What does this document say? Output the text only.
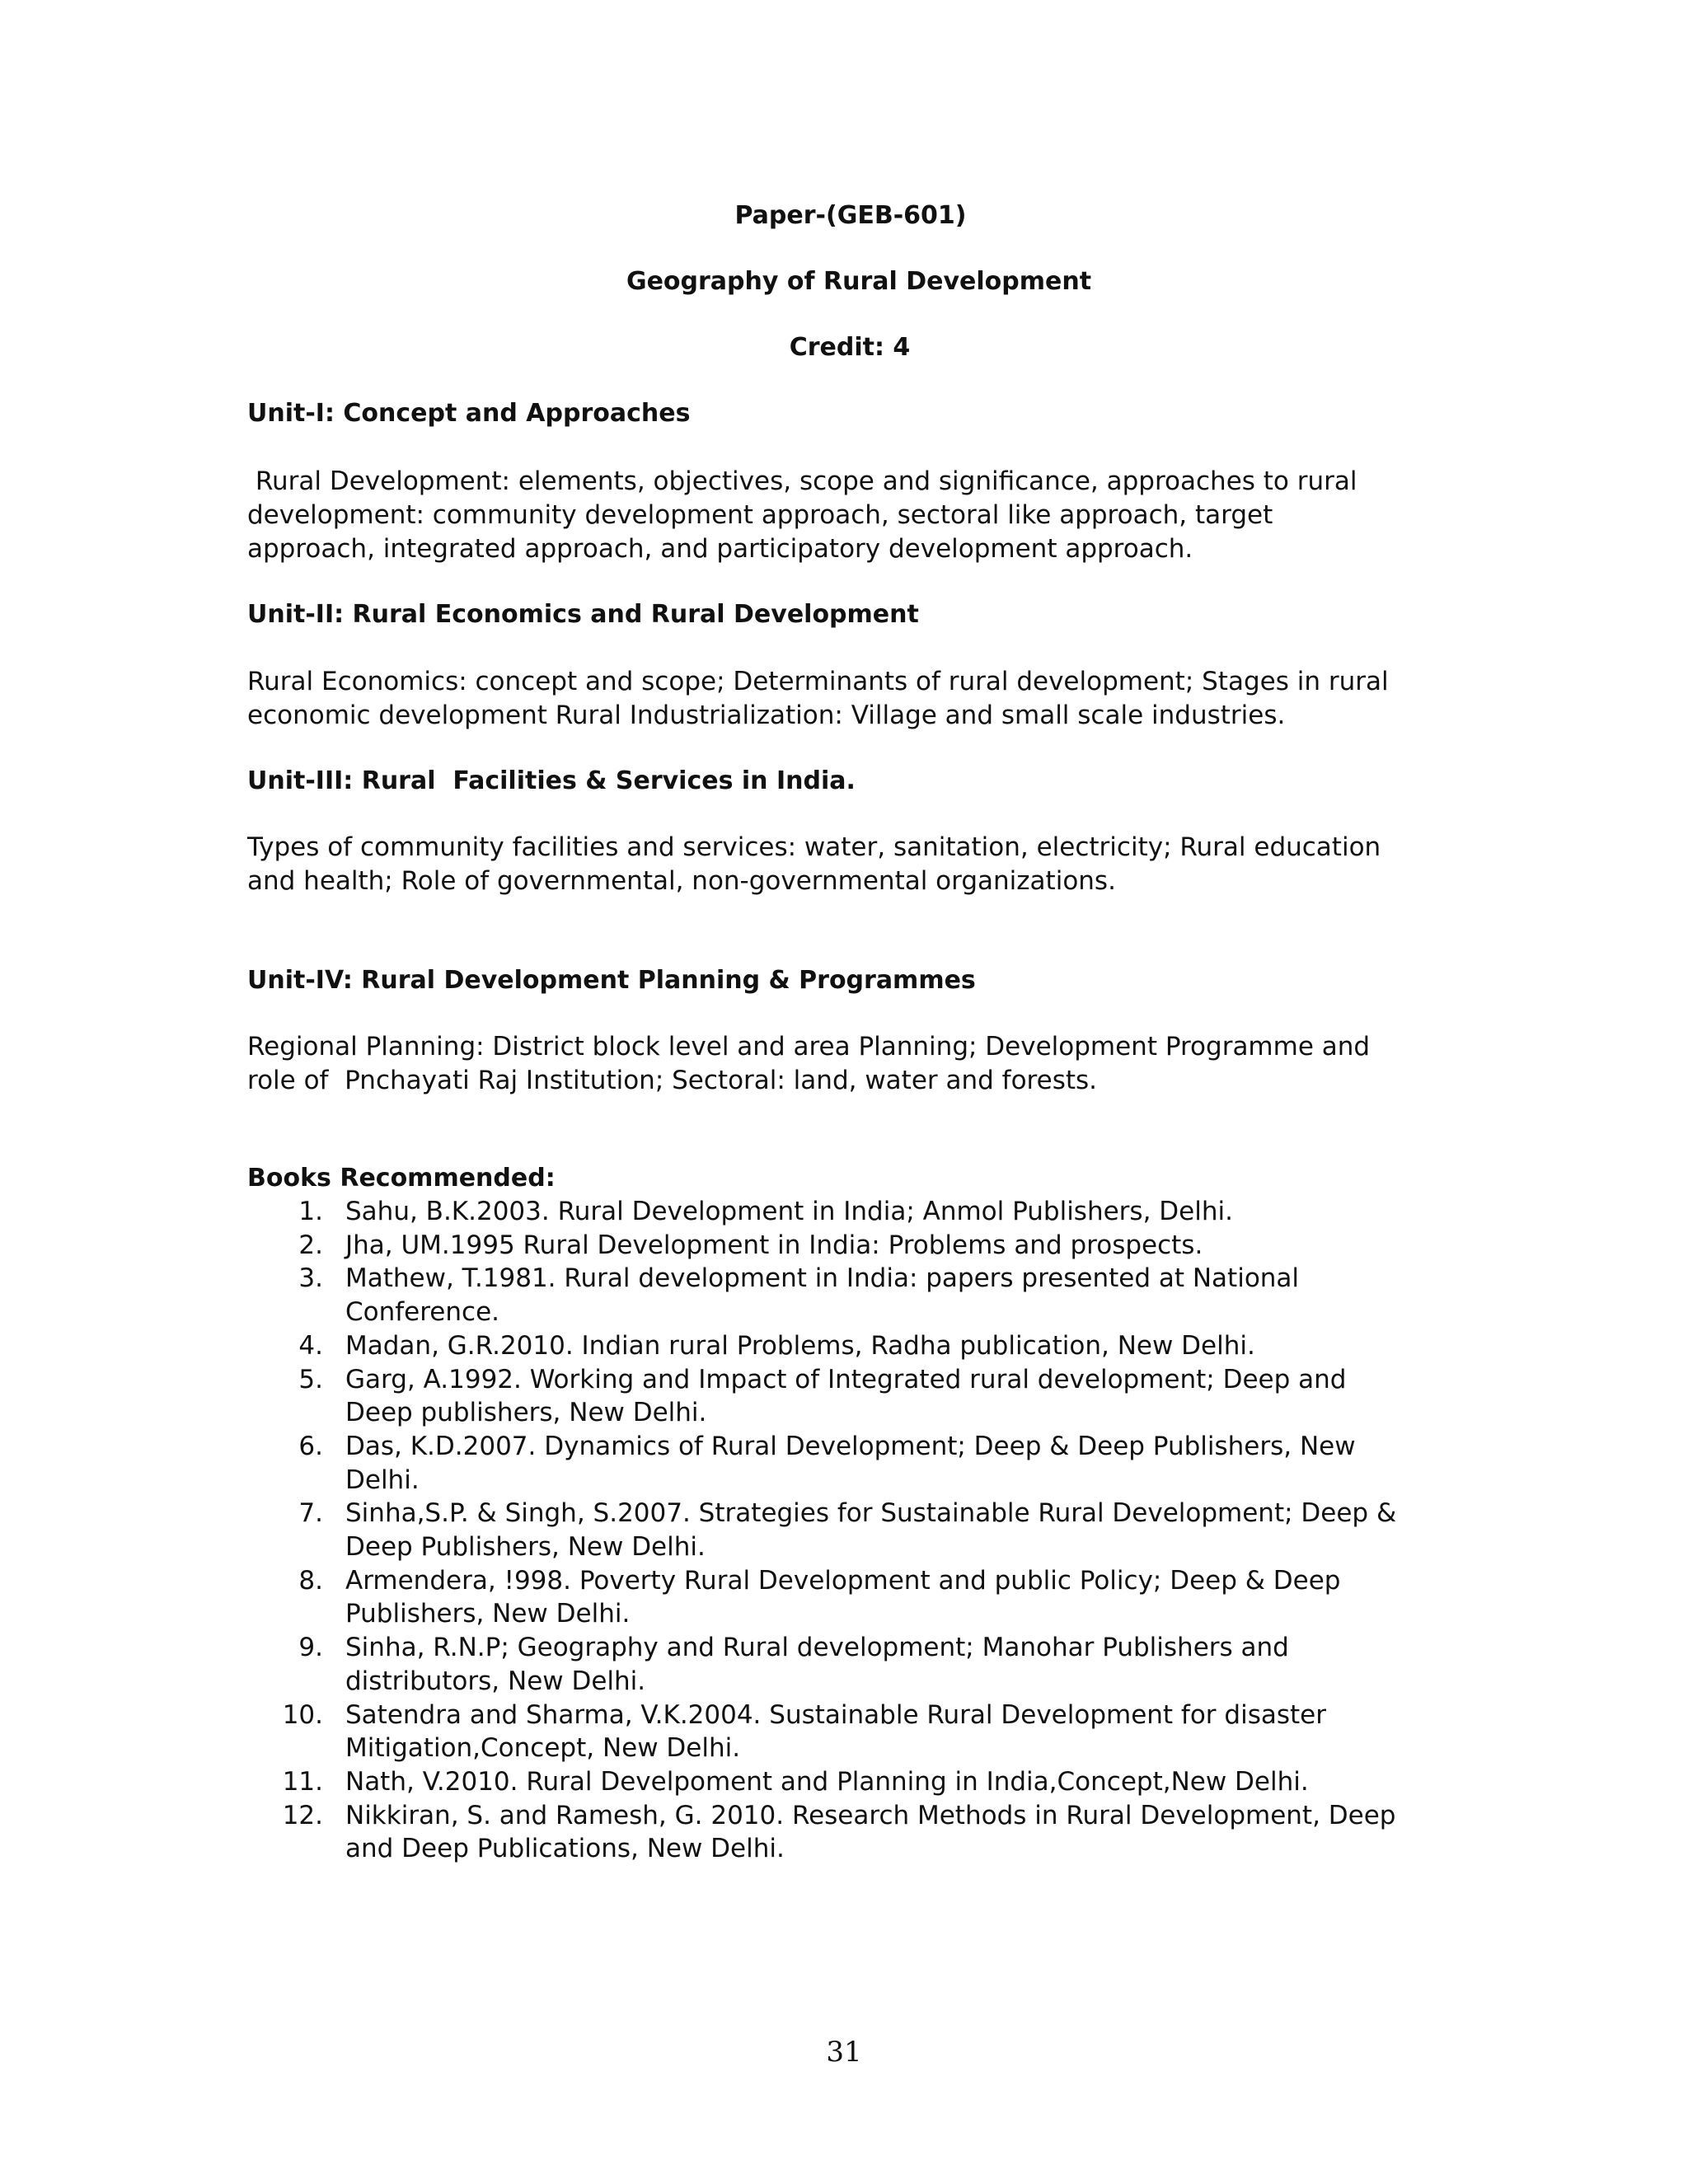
Paper-(GEB-601)
Geography of Rural Development
Credit: 4
Unit-I: Concept and Approaches
Rural Development: elements, objectives, scope and significance, approaches to rural
development: community development approach, sectoral like approach, target
approach, integrated approach, and participatory development approach.
Unit-II: Rural Economics and Rural Development
Rural Economics: concept and scope; Determinants of rural development; Stages in rural
economic development Rural Industrialization: Village and small scale industries.
Unit-III: Rural  Facilities & Services in India.
Types of community facilities and services: water, sanitation, electricity; Rural education
and health; Role of governmental, non-governmental organizations.
Unit-IV: Rural Development Planning & Programmes
Regional Planning: District block level and area Planning; Development Programme and
role of  Pnchayati Raj Institution; Sectoral: land, water and forests.
Books Recommended:
1. Sahu, B.K.2003. Rural Development in India; Anmol Publishers, Delhi.
2. Jha, UM.1995 Rural Development in India: Problems and prospects.
3. Mathew, T.1981. Rural development in India: papers presented at National
Conference.
4. Madan, G.R.2010. Indian rural Problems, Radha publication, New Delhi.
5. Garg, A.1992. Working and Impact of Integrated rural development; Deep and
Deep publishers, New Delhi.
6. Das, K.D.2007. Dynamics of Rural Development; Deep & Deep Publishers, New
Delhi.
7. Sinha,S.P. & Singh, S.2007. Strategies for Sustainable Rural Development; Deep &
Deep Publishers, New Delhi.
8. Armendera, !998. Poverty Rural Development and public Policy; Deep & Deep
Publishers, New Delhi.
9. Sinha, R.N.P; Geography and Rural development; Manohar Publishers and
distributors, New Delhi.
10. Satendra and Sharma, V.K.2004. Sustainable Rural Development for disaster
Mitigation,Concept, New Delhi.
11. Nath, V.2010. Rural Develpoment and Planning in India,Concept,New Delhi.
12. Nikkiran, S. and Ramesh, G. 2010. Research Methods in Rural Development, Deep
and Deep Publications, New Delhi.
31
